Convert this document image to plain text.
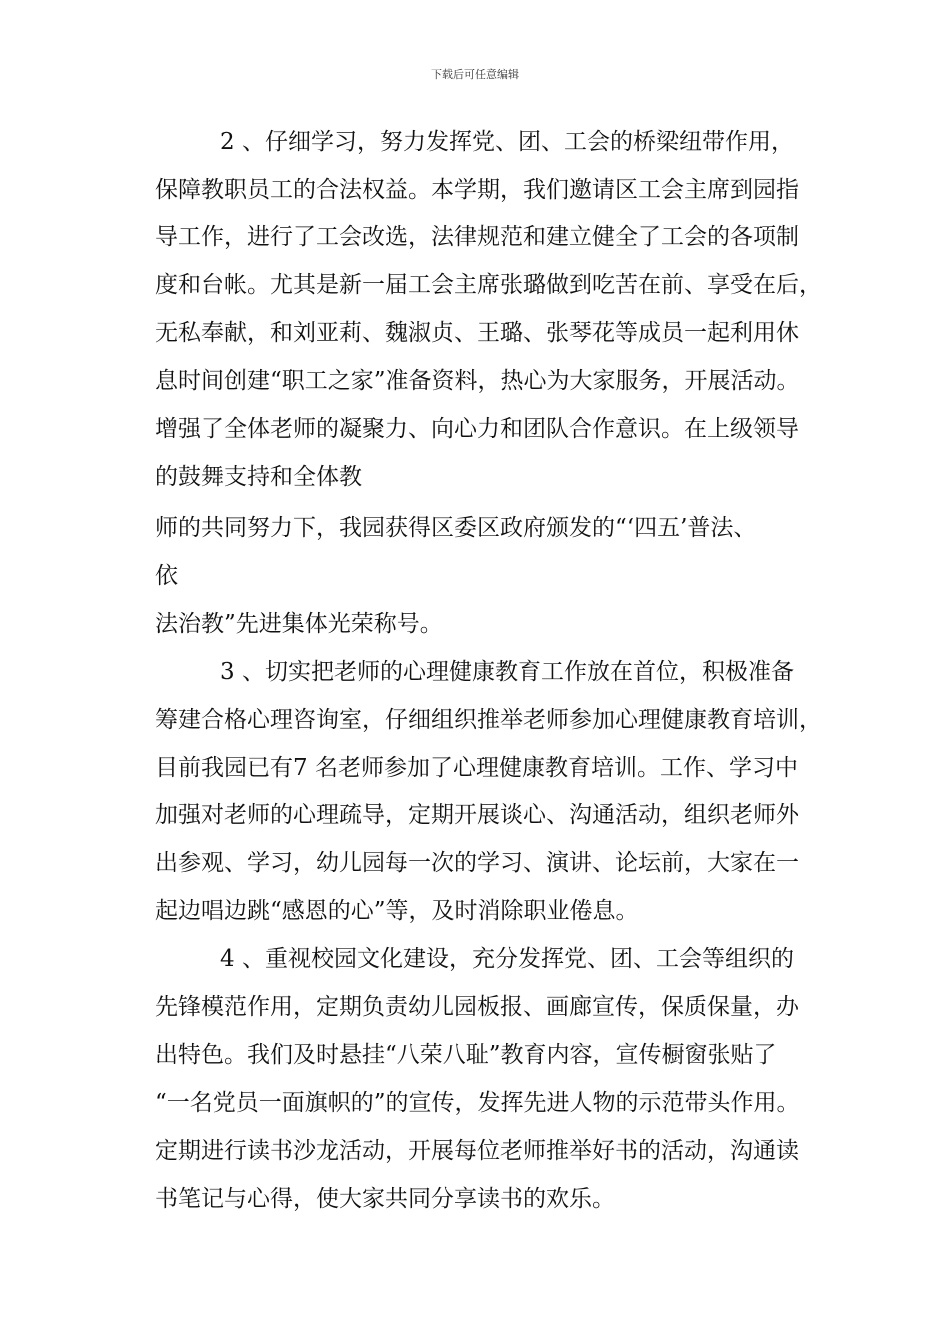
下载后可任意编辑
2 、仔细学习，努力发挥党、团、工会的桥梁纽带作用，
保障教职员工的合法权益。本学期，我们邀请区工会主席到园指
导工作，进行了工会改选，法律规范和建立健全了工会的各项制
度和台帐。尤其是新一届工会主席张璐做到吃苦在前、享受在后，
无私奉献，和刘亚莉、魏淑贞、王璐、张琴花等成员一起利用休
息时间创建“职工之家”准备资料，热心为大家服务，开展活动。
增强了全体老师的凝聚力、向心力和团队合作意识。在上级领导
的鼓舞支持和全体教
师的共同努力下，我园获得区委区政府颁发的“‘四五’普法、
依
法治教”先进集体光荣称号。
3 、切实把老师的心理健康教育工作放在首位，积极准备
筹建合格心理咨询室，仔细组织推举老师参加心理健康教育培训，
目前我园已有7 名老师参加了心理健康教育培训。工作、学习中
加强对老师的心理疏导，定期开展谈心、沟通活动，组织老师外
出参观、学习，幼儿园每一次的学习、演讲、论坛前，大家在一
起边唱边跳“感恩的心”等，及时消除职业倦息。
4 、重视校园文化建设，充分发挥党、团、工会等组织的
先锋模范作用，定期负责幼儿园板报、画廊宣传，保质保量，办
出特色。我们及时悬挂“八荣八耻”教育内容，宣传橱窗张贴了
“一名党员一面旗帜的”的宣传，发挥先进人物的示范带头作用。
定期进行读书沙龙活动，开展每位老师推举好书的活动，沟通读
书笔记与心得，使大家共同分享读书的欢乐。
